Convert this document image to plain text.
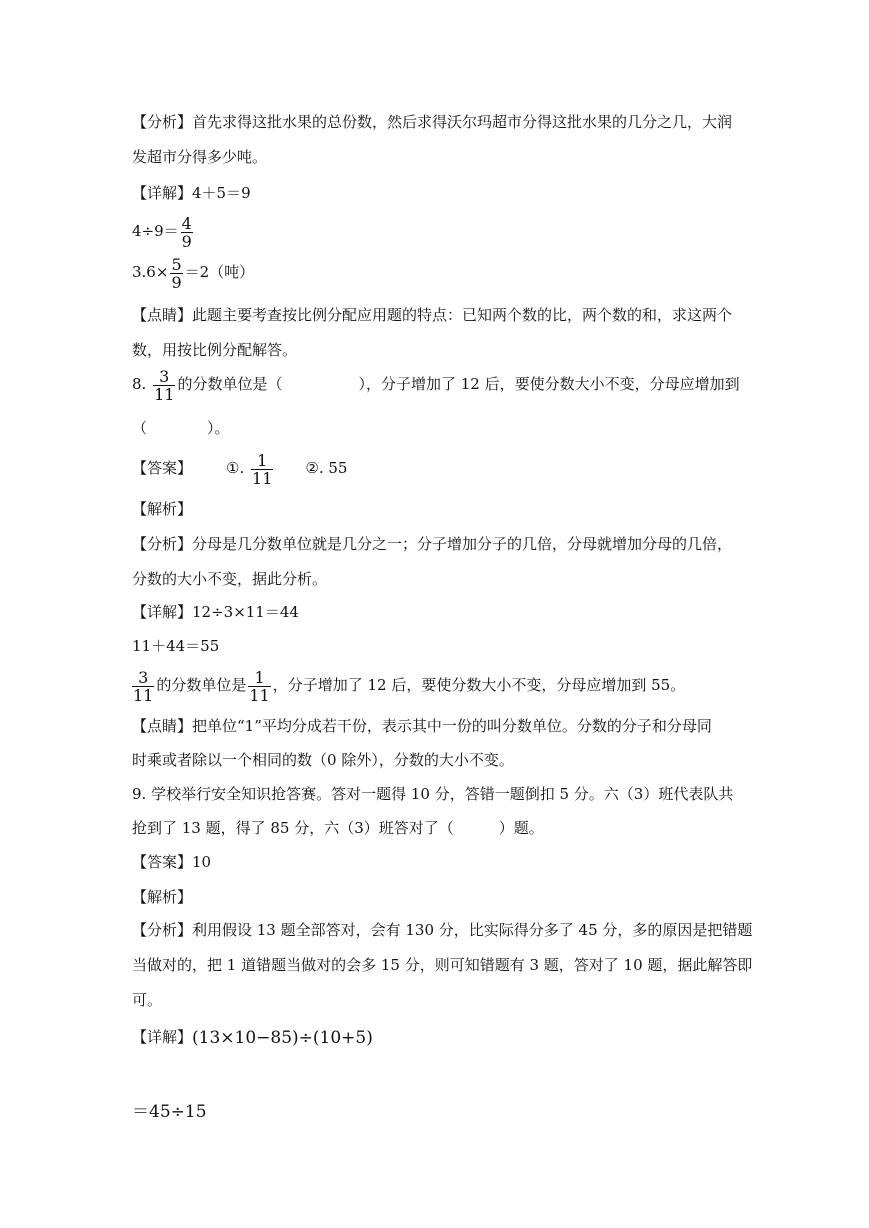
【分析】首先求得这批水果的总份数，然后求得沃尔玛超市分得这批水果的几分之几，大润
发超市分得多少吨。
【详解】4＋5＝9
$4\div 9= \frac{4}{9}$
$3.6\times \frac{5}{9} =2$（吨）
【点睛】此题主要考查按比例分配应用题的特点：已知两个数的比，两个数的和，求这两个
数，用按比例分配解答。
8. $\frac{3}{11}$ 的分数单位是（	），分子增加了 12 后，要使分数大小不变，分母应增加到
（　　　　）。
【答案】 ①. $\frac{1}{11}$ ②. 55
【解析】
【分析】分母是几分数单位就是几分之一；分子增加分子的几倍，分母就增加分母的几倍，
分数的大小不变，据此分析。
【详解】12÷3×11＝44
11＋44＝55
$\frac{3}{11}$ 的分数单位是 $\frac{1}{11}$ ，分子增加了 12 后，要使分数大小不变，分母应增加到 55。
【点睛】把单位“1”平均分成若干份，表示其中一份的叫分数单位。分数的分子和分母同
时乘或者除以一个相同的数（0 除外），分数的大小不变。
9. 学校举行安全知识抢答赛。答对一题得 10 分，答错一题倒扣 5 分。六（3）班代表队共
抢到了 13 题，得了 85 分，六（3）班答对了（　　　）题。
【答案】10
【解析】
【分析】利用假设 13 题全部答对，会有 130 分，比实际得分多了 45 分，多的原因是把错题
当做对的，把 1 道错题当做对的会多 15 分，则可知错题有 3 题，答对了 10 题，据此解答即
可。
【详解】(13×10−85)÷(10+5)
＝45÷15
